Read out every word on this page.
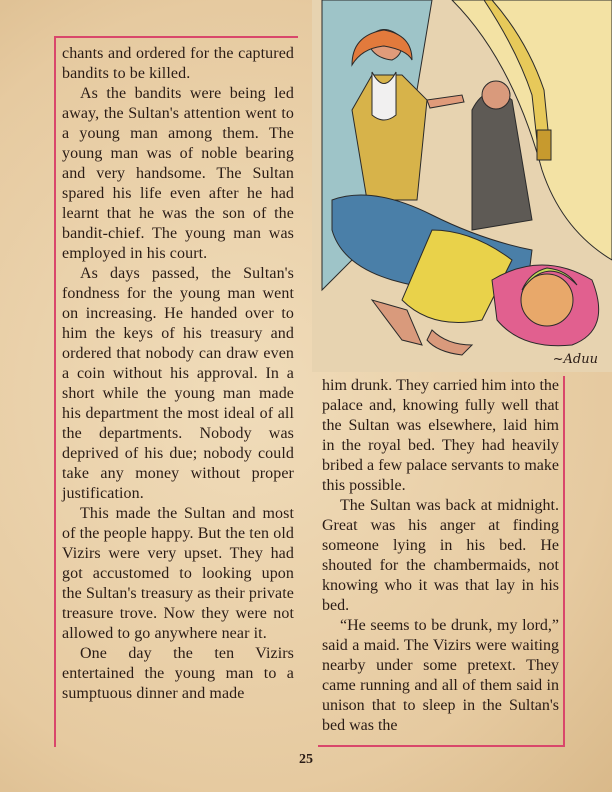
chants and ordered for the captured bandits to be killed.

As the bandits were being led away, the Sultan's attention went to a young man among them. The young man was of noble bearing and very handsome. The Sultan spared his life even after he had learnt that he was the son of the bandit-chief. The young man was employed in his court.

As days passed, the Sultan's fondness for the young man went on increasing. He handed over to him the keys of his treasury and ordered that nobody can draw even a coin without his approval. In a short while the young man made his department the most ideal of all the departments. Nobody was deprived of his due; nobody could take any money without proper justification.

This made the Sultan and most of the people happy. But the ten old Vizirs were very upset. They had got accustomed to looking upon the Sultan's treasury as their private treasure trove. Now they were not allowed to go anywhere near it.

One day the ten Vizirs entertained the young man to a sumptuous dinner and made

~Aduu

him drunk. They carried him into the palace and, knowing fully well that the Sultan was elsewhere, laid him in the royal bed. They had heavily bribed a few palace servants to make this possible.

The Sultan was back at midnight. Great was his anger at finding someone lying in his bed. He shouted for the chambermaids, not knowing who it was that lay in his bed.

“He seems to be drunk, my lord,” said a maid. The Vizirs were waiting nearby under some pretext. They came running and all of them said in unison that to sleep in the Sultan's bed was the

25
